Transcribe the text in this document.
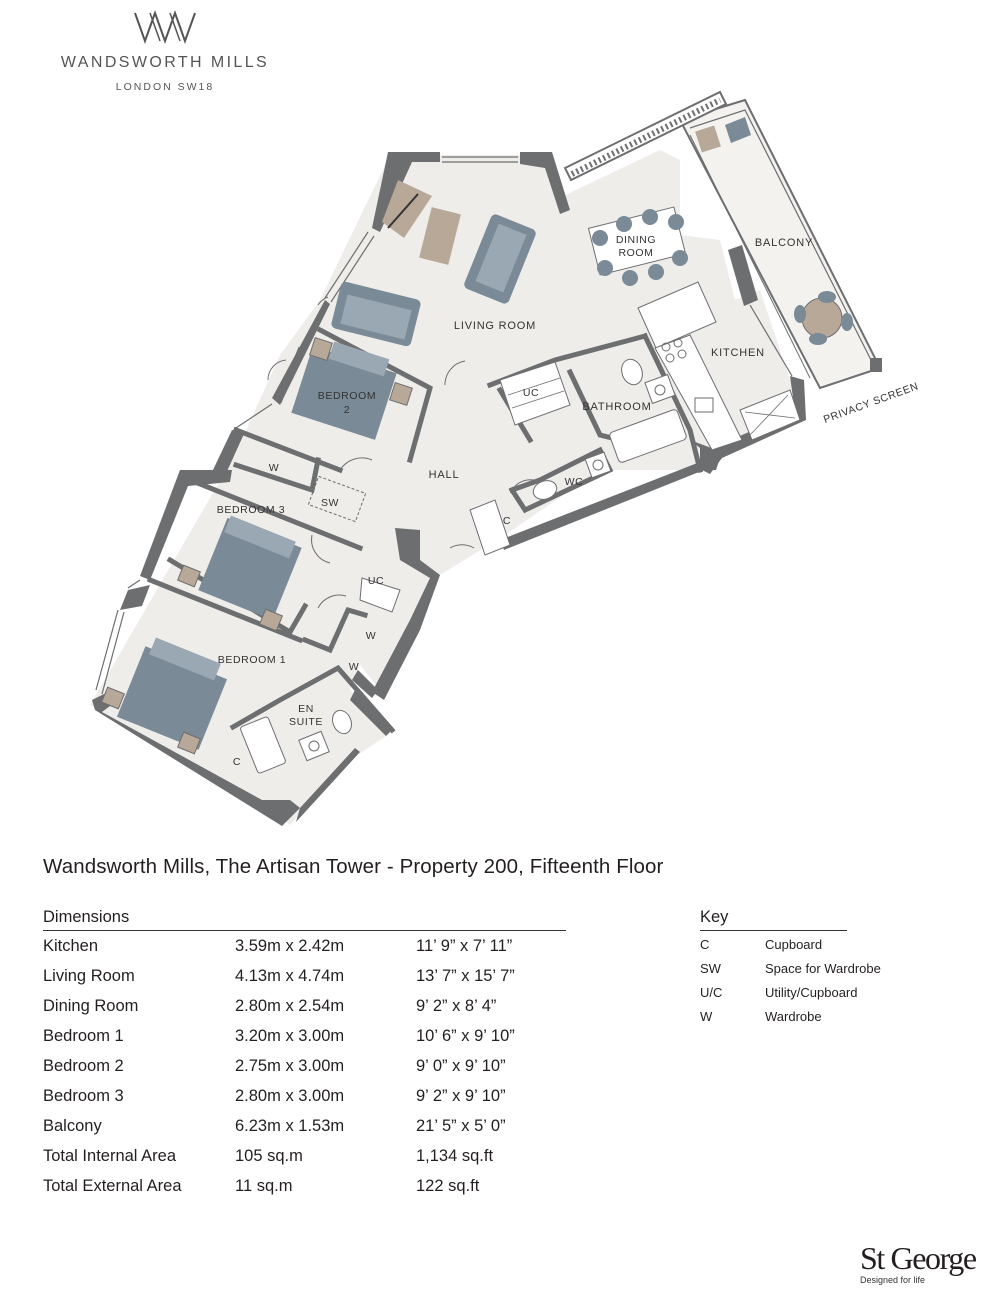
WANDSWORTH MILLS
LONDON SW18
LIVING ROOM
DINING
ROOM
BALCONY
KITCHEN
BATHROOM
UC
BEDROOM
2
HALL
WC
C
W
SW
BEDROOM 3
UC
W
W
BEDROOM 1
EN
SUITE
C
PRIVACY SCREEN
Wandsworth Mills, The Artisan Tower - Property 200, Fifteenth Floor
Dimensions
Kitchen	3.59m x 2.42m	11’ 9” x 7’ 11”
Living Room	4.13m x 4.74m	13’ 7” x 15’ 7”
Dining Room	2.80m x 2.54m	9’ 2” x 8’ 4”
Bedroom 1	3.20m x 3.00m	10’ 6” x 9’ 10”
Bedroom 2	2.75m x 3.00m	9’ 0” x 9’ 10”
Bedroom 3	2.80m x 3.00m	9’ 2” x 9’ 10”
Balcony	6.23m x 1.53m	21’ 5” x 5’ 0”
Total Internal Area	105 sq.m	1,134 sq.ft
Total External Area	11 sq.m	122 sq.ft
Key
C	Cupboard
SW	Space for Wardrobe
U/C	Utility/Cupboard
W	Wardrobe
St George
Designed for life
